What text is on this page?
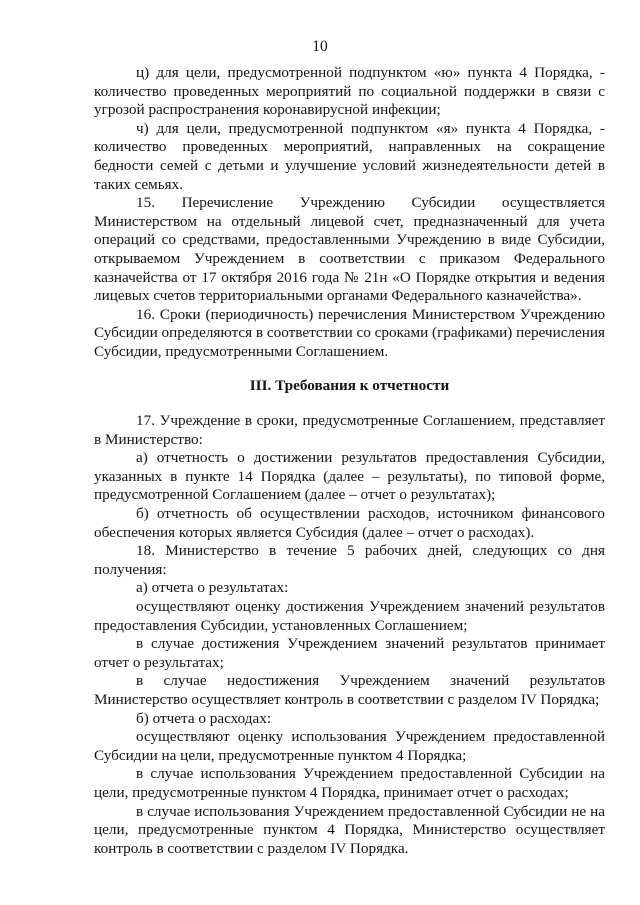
10

ц) для цели, предусмотренной подпунктом «ю» пункта 4 Порядка, - количество проведенных мероприятий по социальной поддержки в связи с угрозой распространения коронавирусной инфекции;

ч) для цели, предусмотренной подпунктом «я» пункта 4 Порядка, - количество проведенных мероприятий, направленных на сокращение бедности семей с детьми и улучшение условий жизнедеятельности детей в таких семьях.

15. Перечисление Учреждению Субсидии осуществляется Министерством на отдельный лицевой счет, предназначенный для учета операций со средствами, предоставленными Учреждению в виде Субсидии, открываемом Учреждением в соответствии с приказом Федерального казначейства от 17 октября 2016 года № 21н «О Порядке открытия и ведения лицевых счетов территориальными органами Федерального казначейства».

16. Сроки (периодичность) перечисления Министерством Учреждению Субсидии определяются в соответствии со сроками (графиками) перечисления Субсидии, предусмотренными Соглашением.

III. Требования к отчетности

17. Учреждение в сроки, предусмотренные Соглашением, представляет в Министерство:

а) отчетность о достижении результатов предоставления Субсидии, указанных в пункте 14 Порядка (далее – результаты), по типовой форме, предусмотренной Соглашением (далее – отчет о результатах);

б) отчетность об осуществлении расходов, источником финансового обеспечения которых является Субсидия (далее – отчет о расходах).

18. Министерство в течение 5 рабочих дней, следующих со дня получения:

а) отчета о результатах:

осуществляют оценку достижения Учреждением значений результатов предоставления Субсидии, установленных Соглашением;

в случае достижения Учреждением значений результатов принимает отчет о результатах;

в случае недостижения Учреждением значений результатов Министерство осуществляет контроль в соответствии с разделом IV Порядка;

б) отчета о расходах:

осуществляют оценку использования Учреждением предоставленной Субсидии на цели, предусмотренные пунктом 4 Порядка;

в случае использования Учреждением предоставленной Субсидии на цели, предусмотренные пунктом 4 Порядка, принимает отчет о расходах;

в случае использования Учреждением предоставленной Субсидии не на цели, предусмотренные пунктом 4 Порядка, Министерство осуществляет контроль в соответствии с разделом IV Порядка.
